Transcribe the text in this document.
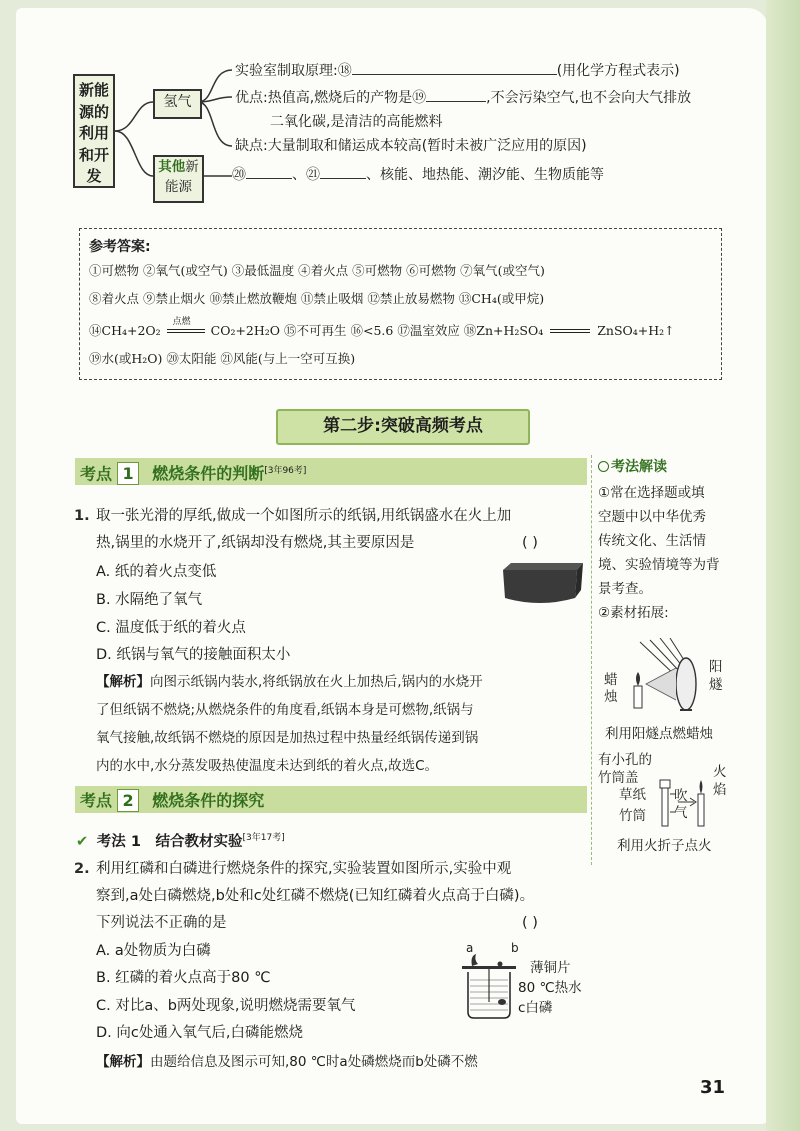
新能
源的
利用
和开
发
氢气
其他新
能源
实验室制取原理:⑱	(用化学方程式表示)
优点:热值高,燃烧后的产物是⑲	,不会污染空气,也不会向大气排放
二氧化碳,是清洁的高能燃料
缺点:大量制取和储运成本较高(暂时未被广泛应用的原因)
⑳	、㉑	、核能、地热能、潮汐能、生物质能等
参考答案:
①可燃物 ②氧气(或空气) ③最低温度 ④着火点 ⑤可燃物 ⑥可燃物 ⑦氧气(或空气)
⑧着火点 ⑨禁止烟火 ⑩禁止燃放鞭炮 ⑪禁止吸烟 ⑫禁止放易燃物 ⑬CH₄(或甲烷)
⑭CH₄+2O₂
点燃
CO₂+2H₂O ⑮不可再生 ⑯<5.6 ⑰温室效应 ⑱Zn+H₂SO₄	ZnSO₄+H₂↑
⑲水(或H₂O) ⑳太阳能 ㉑风能(与上一空可互换)
第二步:突破高频考点
考点 1 燃烧条件的判断[3年96考]
1. 取一张光滑的厚纸,做成一个如图所示的纸锅,用纸锅盛水在火上加
热,锅里的水烧开了,纸锅却没有燃烧,其主要原因是	( )
A. 纸的着火点变低
B. 水隔绝了氧气
C. 温度低于纸的着火点
D. 纸锅与氧气的接触面积太小
【解析】向图示纸锅内装水,将纸锅放在火上加热后,锅内的水烧开
了但纸锅不燃烧;从燃烧条件的角度看,纸锅本身是可燃物,纸锅与
氧气接触,故纸锅不燃烧的原因是加热过程中热量经纸锅传递到锅
内的水中,水分蒸发吸热使温度未达到纸的着火点,故选C。
考点 2 燃烧条件的探究
✔ 考法 1 结合教材实验[3年17考]
2. 利用红磷和白磷进行燃烧条件的探究,实验装置如图所示,实验中观
察到,a处白磷燃烧,b处和c处红磷不燃烧(已知红磷着火点高于白磷)。
下列说法不正确的是	( )
A. a处物质为白磷
B. 红磷的着火点高于80 ℃
C. 对比a、b两处现象,说明燃烧需要氧气
D. 向c处通入氧气后,白磷能燃烧
a	b
薄铜片
80 ℃热水
c白磷
【解析】由题给信息及图示可知,80 ℃时a处磷燃烧而b处磷不燃
考法解读
①常在选择题或填
空题中以中华优秀
传统文化、生活情
境、实验情境等为背
景考查。
②素材拓展:
蜡
烛
阳
燧
利用阳燧点燃蜡烛
有小孔的
竹筒盖
草纸
竹筒
吹
气
火
焰
利用火折子点火
31
